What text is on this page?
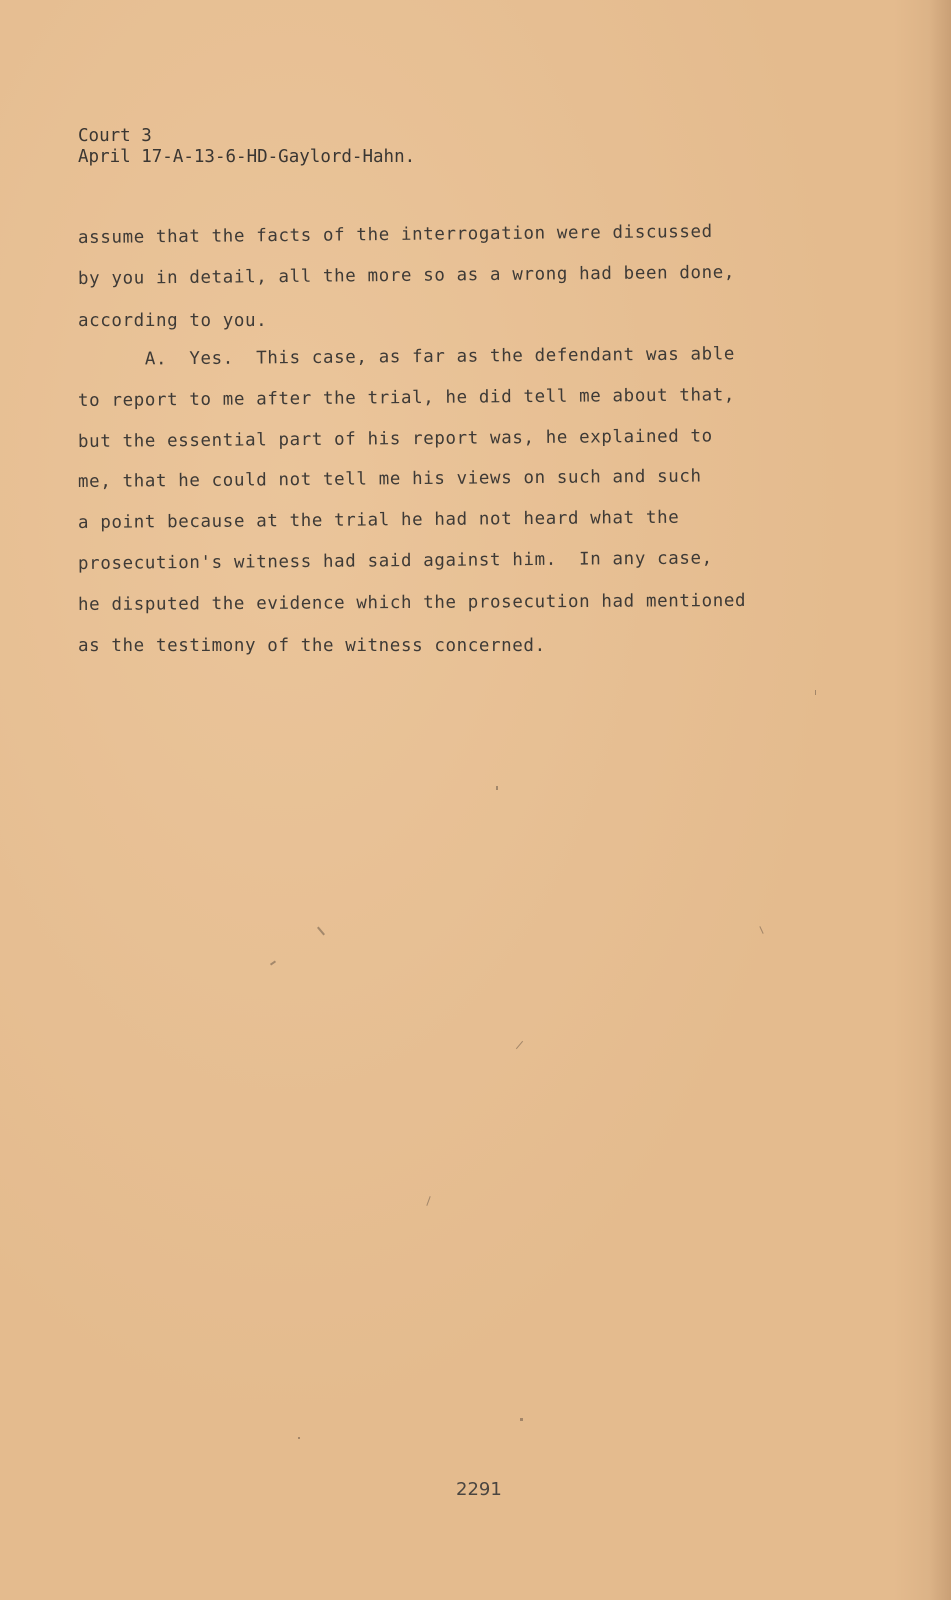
Court 3
April 17-A-13-6-HD-Gaylord-Hahn.
assume that the facts of the interrogation were discussed
by you in detail, all the more so as a wrong had been done,
according to you.
A.  Yes.  This case, as far as the defendant was able
to report to me after the trial, he did tell me about that,
but the essential part of his report was, he explained to
me, that he could not tell me his views on such and such
a point because at the trial he had not heard what the
prosecution's witness had said against him.  In any case,
he disputed the evidence which the prosecution had mentioned
as the testimony of the witness concerned.
2291
